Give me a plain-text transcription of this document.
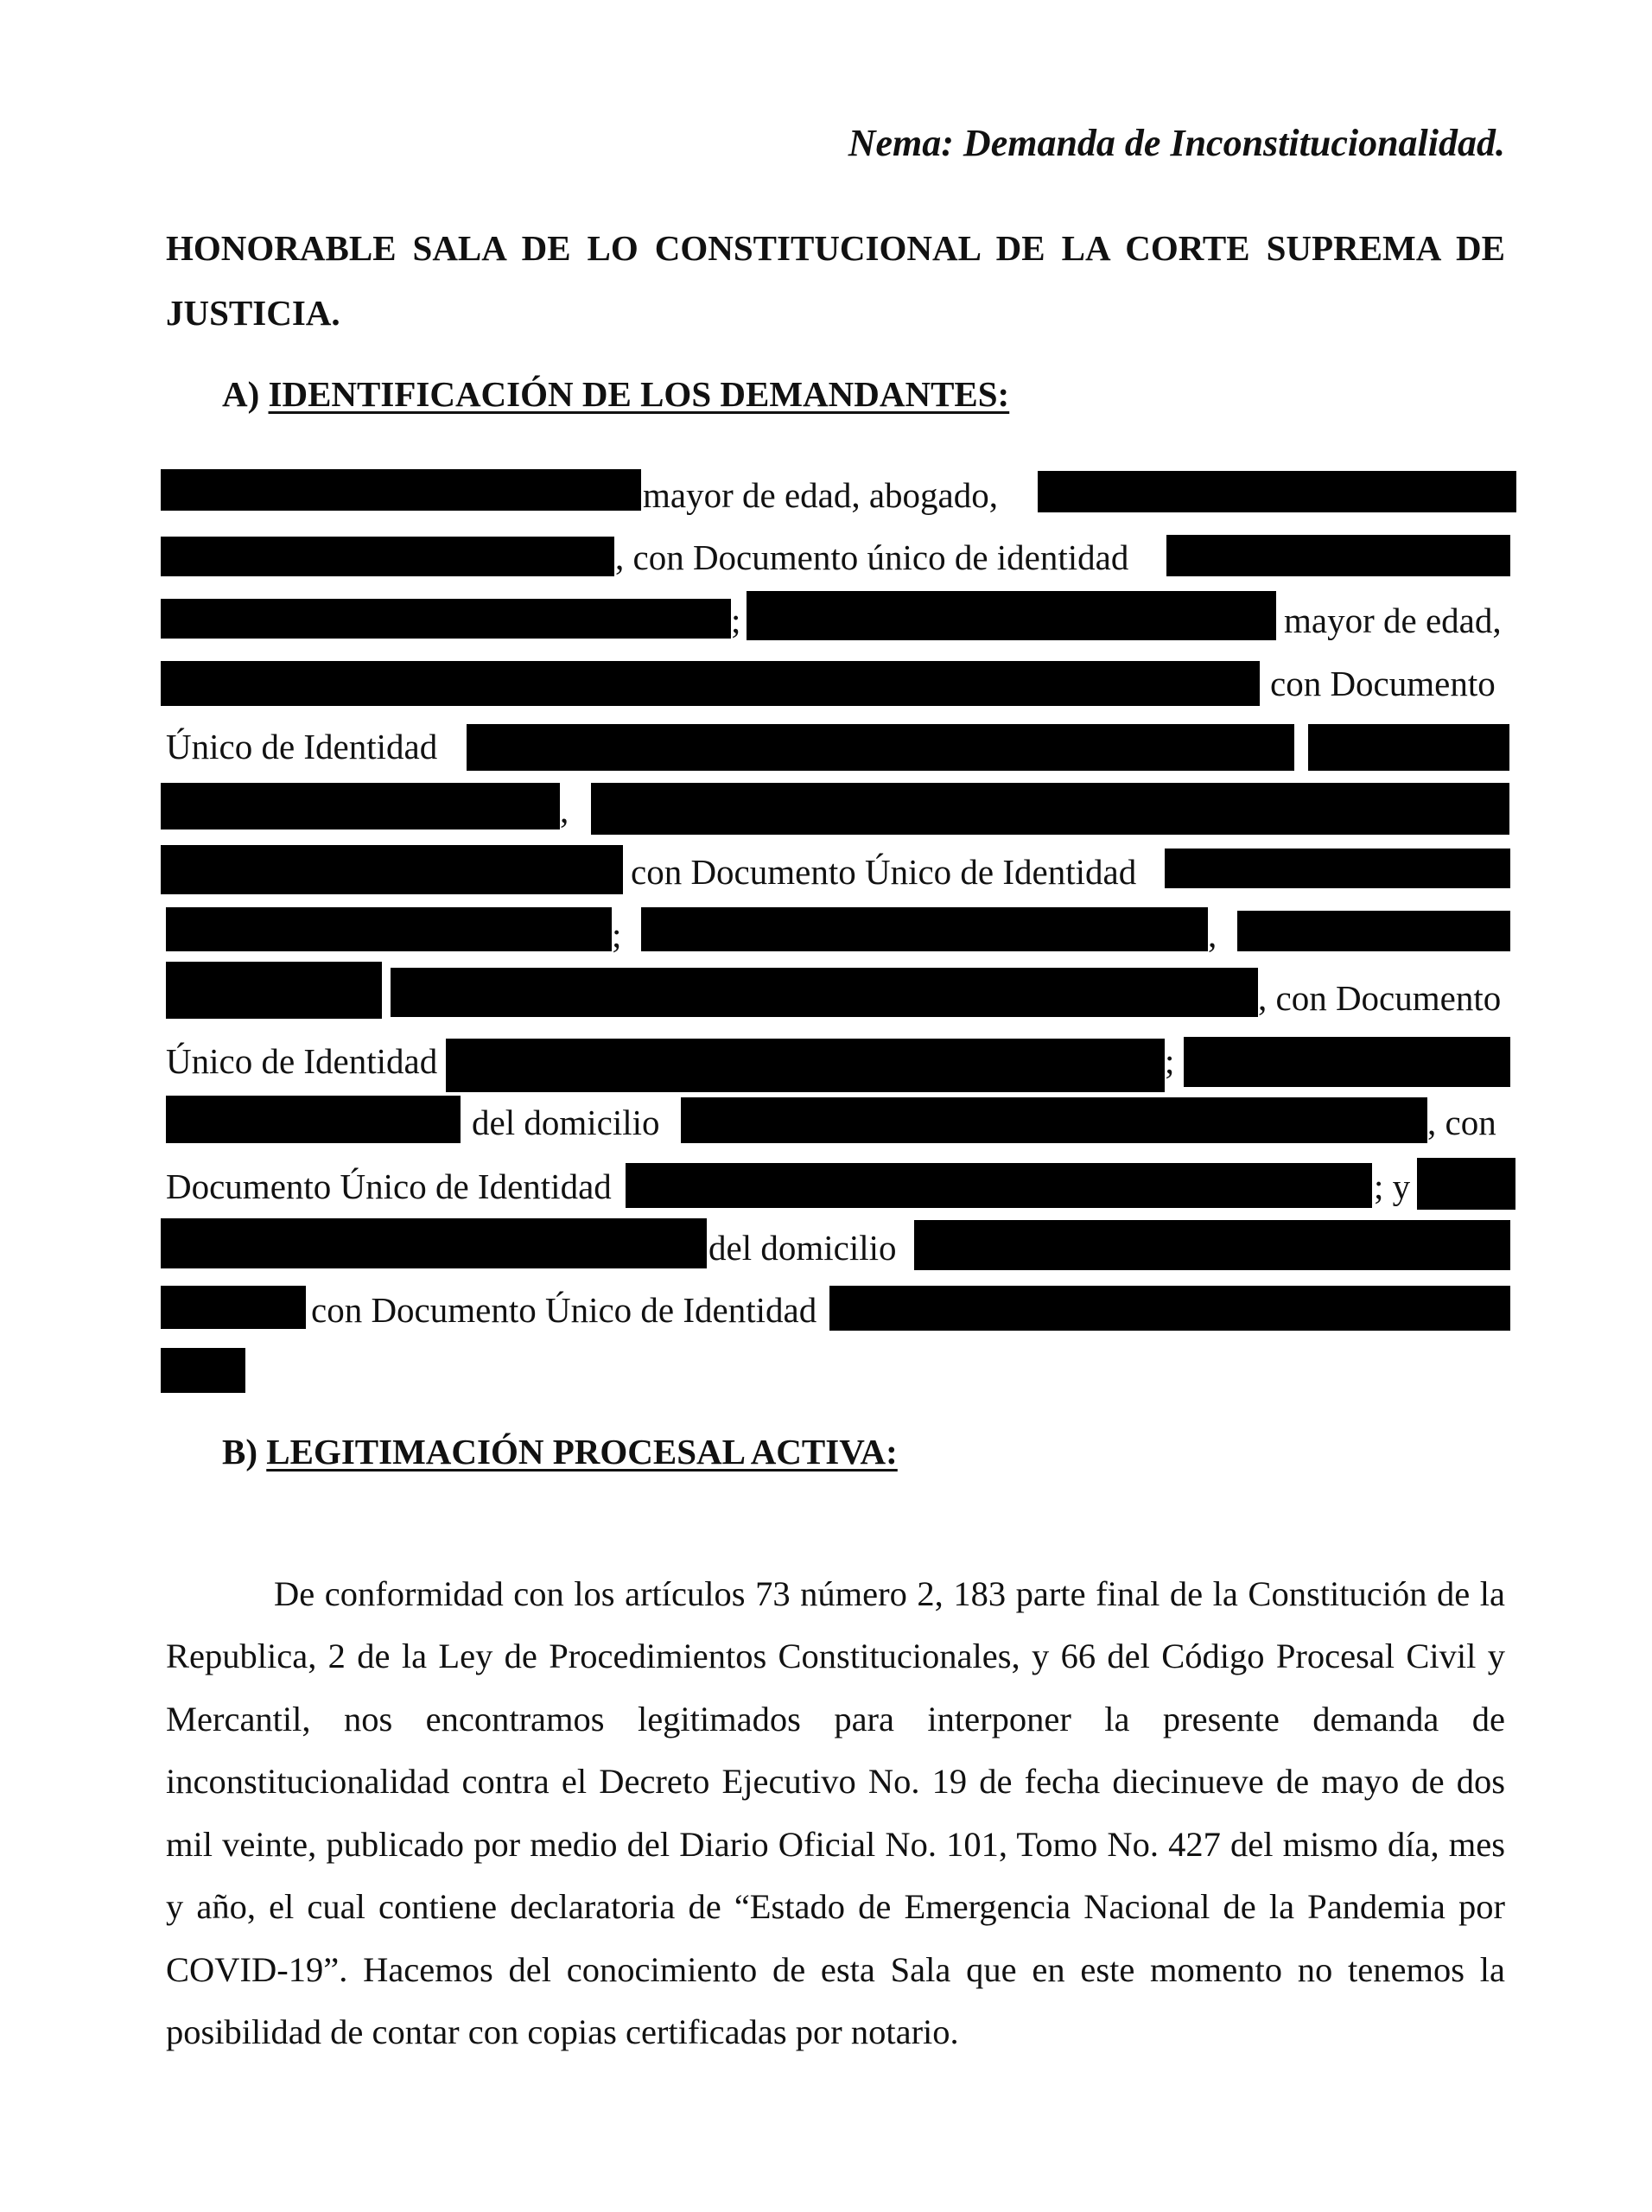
Nema: Demanda de Inconstitucionalidad.
HONORABLE SALA DE LO CONSTITUCIONAL DE LA CORTE SUPREMA DE JUSTICIA.
A) IDENTIFICACIÓN DE LOS DEMANDANTES:
mayor de edad, abogado,
, con Documento único de identidad
;	mayor de edad,
con Documento
Único de Identidad
,
con Documento Único de Identidad
;	,
, con Documento
Único de Identidad	;
del domicilio	, con
Documento Único de Identidad	; y
del domicilio
con Documento Único de Identidad
B) LEGITIMACIÓN PROCESAL ACTIVA:

De conformidad con los artículos 73 número 2, 183 parte final de la Constitución de la Republica, 2 de la Ley de Procedimientos Constitucionales, y 66 del Código Procesal Civil y Mercantil, nos encontramos legitimados para interponer la presente demanda de inconstitucionalidad contra el Decreto Ejecutivo No. 19 de fecha diecinueve de mayo de dos mil veinte, publicado por medio del Diario Oficial No. 101, Tomo No. 427 del mismo día, mes y año, el cual contiene declaratoria de “Estado de Emergencia Nacional de la Pandemia por COVID-19”. Hacemos del conocimiento de esta Sala que en este momento no tenemos la posibilidad de contar con copias certificadas por notario.
